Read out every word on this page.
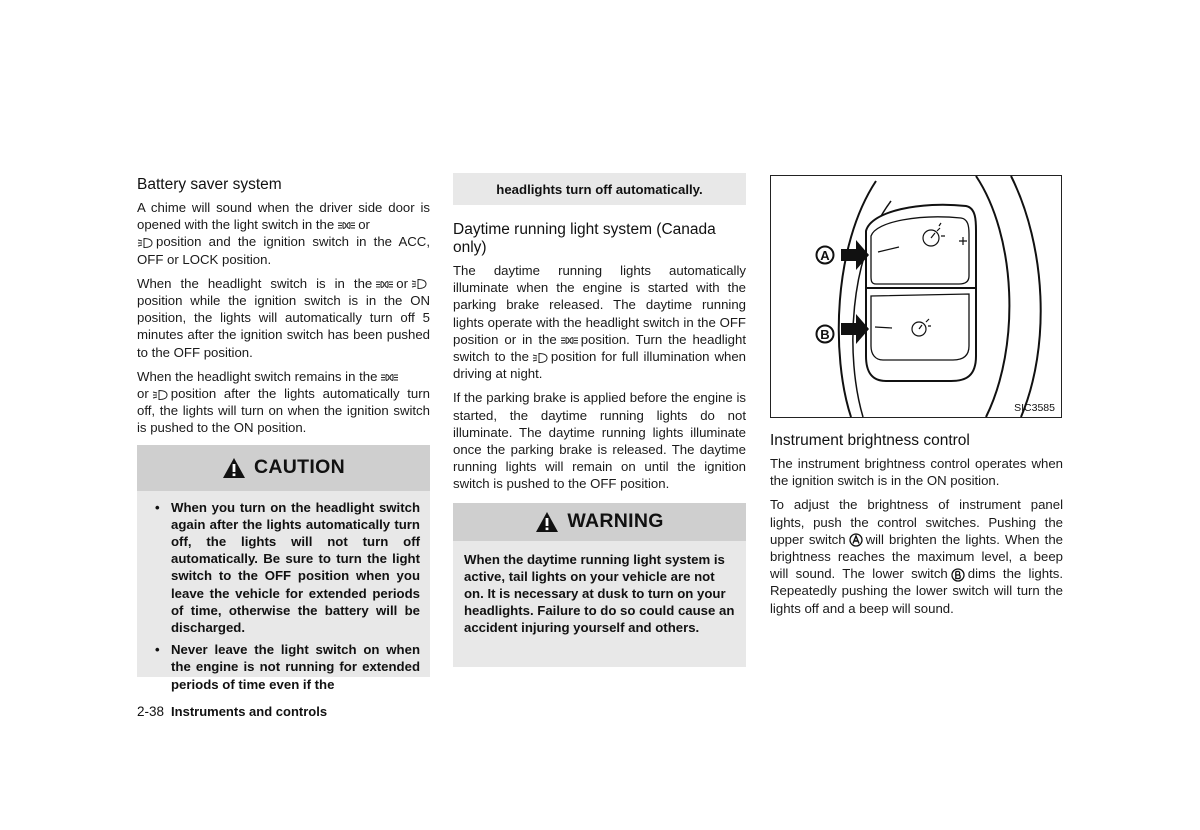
Battery saver system

A chime will sound when the driver side door is opened with the light switch in the or
position and the ignition switch in the ACC, OFF or LOCK position.

When the headlight switch is in the orposition while the ignition switch is in the ON position, the lights will automatically turn off 5 minutes after the ignition switch has been pushed to the OFF position.

When the headlight switch remains in the
or position after the lights automatically turn off, the lights will turn on when the ignition switch is pushed to the ON position.

CAUTION
• When you turn on the headlight switch again after the lights automatically turn off, the lights will not turn off automatically. Be sure to turn the light switch to the OFF position when you leave the vehicle for extended periods of time, otherwise the battery will be discharged.
• Never leave the light switch on when the engine is not running for extended periods of time even if the
headlights turn off automatically.
Daytime running light system (Canada only)

The daytime running lights automatically illuminate when the engine is started with the parking brake released. The daytime running lights operate with the headlight switch in the OFF position or in the position. Turn the headlight switch to the position for full illumination when driving at night.

If the parking brake is applied before the engine is started, the daytime running lights do not illuminate. The daytime running lights illuminate once the parking brake is released. The daytime running lights will remain on until the ignition switch is pushed to the OFF position.

WARNING
When the daytime running light system is active, tail lights on your vehicle are not on. It is necessary at dusk to turn on your headlights. Failure to do so could cause an accident injuring yourself and others.
A
B
SIC3585
Instrument brightness control

The instrument brightness control operates when the ignition switch is in the ON position.

To adjust the brightness of instrument panel lights, push the control switches. Pushing the upper switch will brighten the lights. When the brightness reaches the maximum level, a beep will sound. The lower switch dims the lights. Repeatedly pushing the lower switch will turn the lights off and a beep will sound.

2-38 Instruments and controls
